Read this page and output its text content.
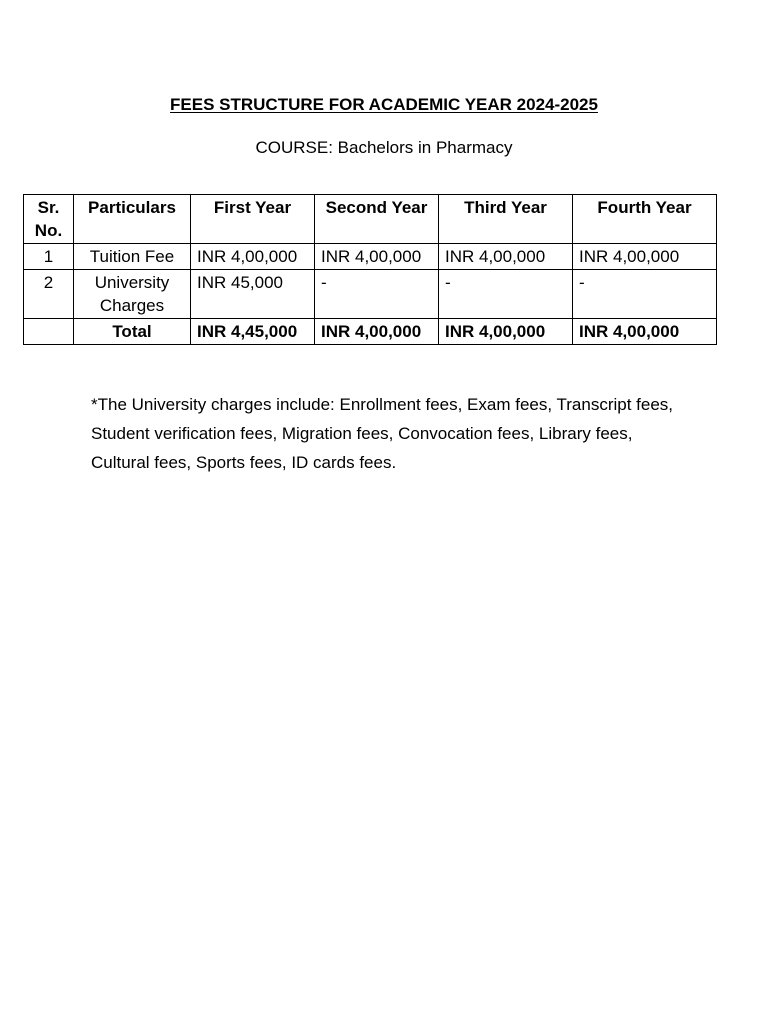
FEES STRUCTURE FOR ACADEMIC YEAR 2024-2025
COURSE: Bachelors in Pharmacy
Sr. No.	Particulars	First Year	Second Year	Third Year	Fourth Year
1	Tuition Fee	INR 4,00,000	INR 4,00,000	INR 4,00,000	INR 4,00,000
2	University Charges	INR 45,000	-	-	-
	Total	INR 4,45,000	INR 4,00,000	INR 4,00,000	INR 4,00,000
*The University charges include: Enrollment fees, Exam fees, Transcript fees, Student verification fees, Migration fees, Convocation fees, Library fees, Cultural fees, Sports fees, ID cards fees.
